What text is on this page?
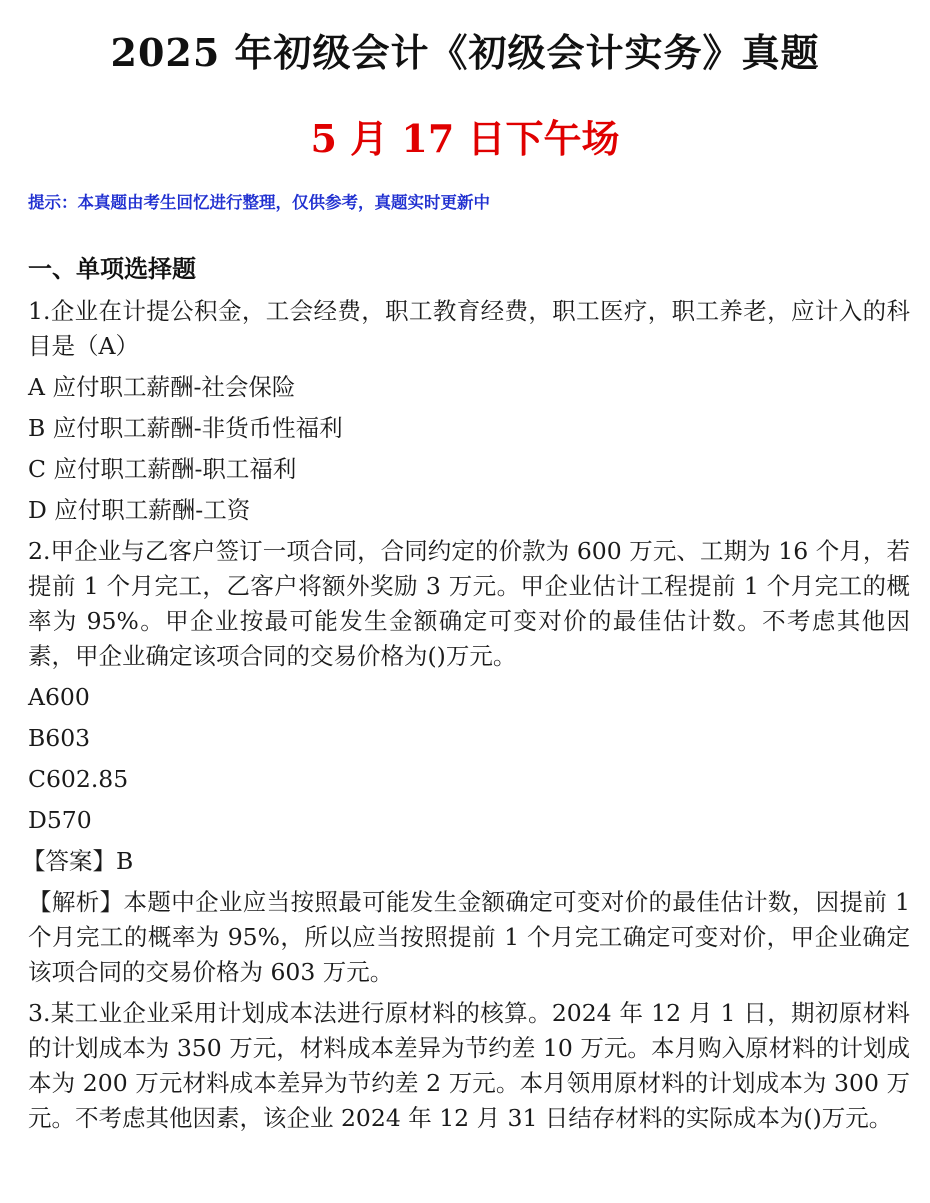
2025 年初级会计《初级会计实务》真题
5 月 17 日下午场
提示：本真题由考生回忆进行整理，仅供参考，真题实时更新中
一、单项选择题
1.企业在计提公积金，工会经费，职工教育经费，职工医疗，职工养老，应计入的科目是（A）
A 应付职工薪酬-社会保险
B 应付职工薪酬-非货币性福利
C 应付职工薪酬-职工福利
D 应付职工薪酬-工资
2.甲企业与乙客户签订一项合同，合同约定的价款为 600 万元、工期为 16 个月，若提前 1 个月完工，乙客户将额外奖励 3 万元。甲企业估计工程提前 1 个月完工的概率为 95%。甲企业按最可能发生金额确定可变对价的最佳估计数。不考虑其他因素，甲企业确定该项合同的交易价格为()万元。
A600
B603
C602.85
D570
【答案】B
【解析】本题中企业应当按照最可能发生金额确定可变对价的最佳估计数，因提前 1 个月完工的概率为 95%，所以应当按照提前 1 个月完工确定可变对价，甲企业确定该项合同的交易价格为 603 万元。
3.某工业企业采用计划成本法进行原材料的核算。2024 年 12 月 1 日，期初原材料的计划成本为 350 万元，材料成本差异为节约差 10 万元。本月购入原材料的计划成本为 200 万元材料成本差异为节约差 2 万元。本月领用原材料的计划成本为 300 万元。不考虑其他因素，该企业 2024 年 12 月 31 日结存材料的实际成本为()万元。
